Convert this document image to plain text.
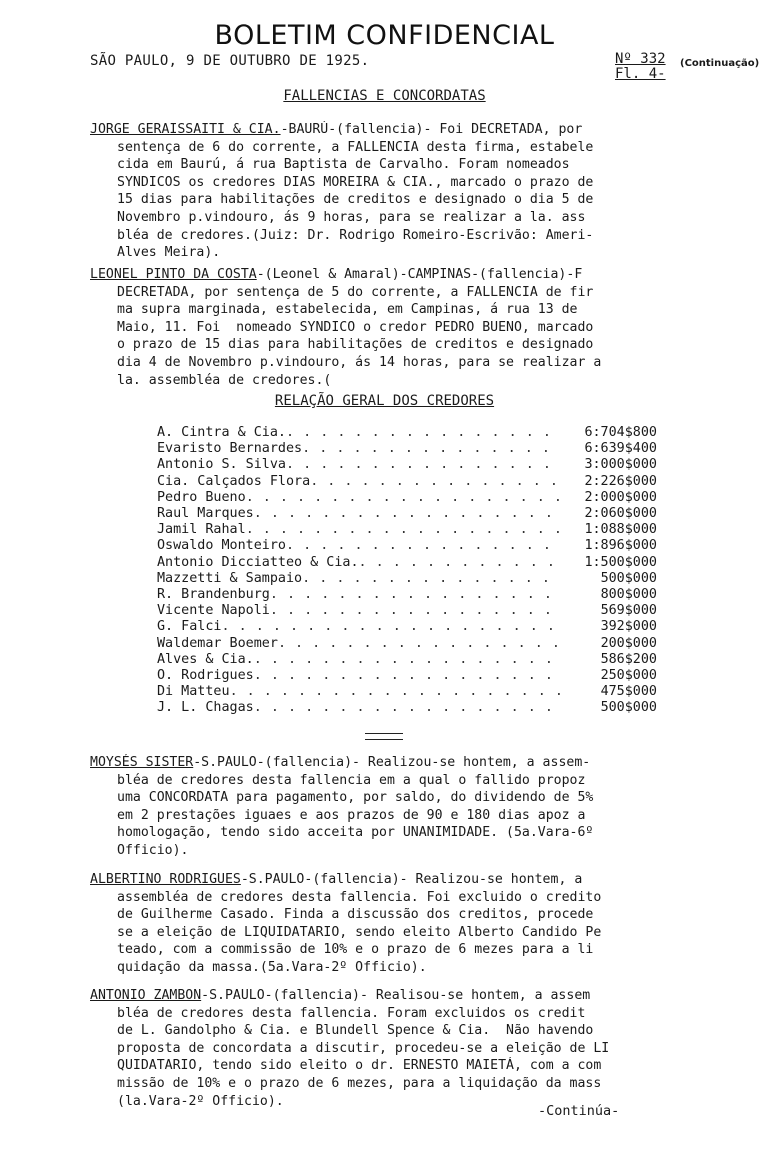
BOLETIM CONFIDENCIAL
SÃO PAULO, 9 DE OUTUBRO DE 1925.	Nº 332
Fl. 4-
(Continuação)
FALLENCIAS E CONCORDATAS
JORGE GERAISSAITI & CIA.-BAURÚ-(fallencia)- Foi DECRETADA, por
sentença de 6 do corrente, a FALLENCIA desta firma, estabele
cida em Baurú, á rua Baptista de Carvalho. Foram nomeados
SYNDICOS os credores DIAS MOREIRA & CIA., marcado o prazo de
15 dias para habilitações de creditos e designado o dia 5 de
Novembro p.vindouro, ás 9 horas, para se realizar a la. ass
bléa de credores.(Juiz: Dr. Rodrigo Romeiro-Escrivão: Ameri-
Alves Meira).
LEONEL PINTO DA COSTA-(Leonel & Amaral)-CAMPINAS-(fallencia)-F
DECRETADA, por sentença de 5 do corrente, a FALLENCIA de fir
ma supra marginada, estabelecida, em Campinas, á rua 13 de
Maio, 11. Foi  nomeado SYNDICO o credor PEDRO BUENO, marcado
o prazo de 15 dias para habilitações de creditos e designado
dia 4 de Novembro p.vindouro, ás 14 horas, para se realizar a
la. assembléa de credores.(
RELAÇÃO GERAL DOS CREDORES
A. Cintra & Cia. . . .	6:704$800
Evaristo Bernardes . . .	6:639$400
Antonio S. Silva . . .	3:000$000
Cia. Calçados Flora . . .	2:226$000
Pedro Bueno . . .	2:000$000
Raul Marques . . .	2:060$000
Jamil Rahal . . .	1:088$000
Oswaldo Monteiro . . .	1:896$000
Antonio Dicciatteo & Cia. . . .	1:500$000
Mazzetti & Sampaio . . .	500$000
R. Brandenburg . . .	800$000
Vicente Napoli . . .	569$000
G. Falci . . .	392$000
Waldemar Boemer . . .	200$000
Alves & Cia. . . .	586$200
O. Rodrigues . . .	250$000
Di Matteu . . .	475$000
J. L. Chagas . . .	500$000
MOYSÉS SISTER-S.PAULO-(fallencia)- Realizou-se hontem, a assem-
bléa de credores desta fallencia em a qual o fallido propoz
uma CONCORDATA para pagamento, por saldo, do dividendo de 5%
em 2 prestações iguaes e aos prazos de 90 e 180 dias apoz a
homologação, tendo sido acceita por UNANIMIDADE. (5a.Vara-6º
Officio).
ALBERTINO RODRIGUES-S.PAULO-(fallencia)- Realizou-se hontem, a
assembléa de credores desta fallencia. Foi excluido o credito
de Guilherme Casado. Finda a discussão dos creditos, procede
se a eleição de LIQUIDATARIO, sendo eleito Alberto Candido Pe
teado, com a commissão de 10% e o prazo de 6 mezes para a li
quidação da massa.(5a.Vara-2º Officio).
ANTONIO ZAMBON-S.PAULO-(fallencia)- Realisou-se hontem, a assem
bléa de credores desta fallencia. Foram excluidos os credit
de L. Gandolpho & Cia. e Blundell Spence & Cia.  Não havendo
proposta de concordata a discutir, procedeu-se a eleição de LI
QUIDATARIO, tendo sido eleito o dr. ERNESTO MAIETÁ, com a com
missão de 10% e o prazo de 6 mezes, para a liquidação da mass
(la.Vara-2º Officio).
-Continúa-
